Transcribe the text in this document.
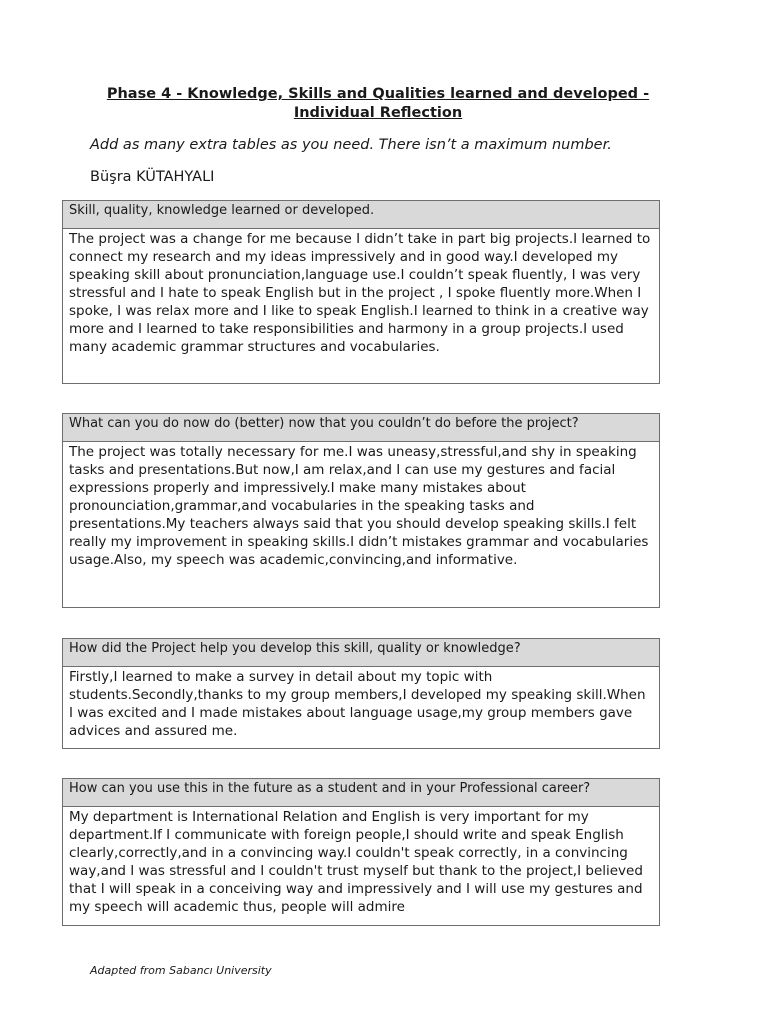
Phase 4 - Knowledge, Skills and Qualities learned and developed -
Individual Reflection
Add as many extra tables as you need. There isn’t a maximum number.
Büşra KÜTAHYALI
Skill, quality, knowledge learned or developed.
The project was a change for me because I didn’t take in part big projects.I learned to connect my research and my ideas impressively and in good way.I developed my speaking skill about pronunciation,language use.I couldn’t speak fluently, I was very stressful and I hate to speak English but in the project , I spoke fluently more.When I spoke, I was relax more and I like to speak English.I learned to think in a creative way more and I learned to take responsibilities and harmony in a group projects.I used many academic grammar structures and vocabularies.
What can you do now do (better) now that you couldn’t do before the project?
The project was totally necessary for me.I was uneasy,stressful,and shy in speaking tasks and presentations.But now,I am relax,and I can use my gestures and facial expressions properly and impressively.I make many mistakes about pronounciation,grammar,and vocabularies in the speaking tasks and presentations.My teachers always said that you should develop speaking skills.I felt really my improvement in speaking skills.I didn’t mistakes grammar and vocabularies usage.Also, my speech was academic,convincing,and informative.
How did the Project help you develop this skill, quality or knowledge?
Firstly,I learned to make a survey in detail about my topic with students.Secondly,thanks to my group members,I developed my speaking skill.When I was excited and I made mistakes about language usage,my group members gave advices and assured me.
How can you use this in the future as a student and in your Professional career?
My department is International Relation and English is very important for my department.If I communicate with foreign people,I should write and speak English clearly,correctly,and in a convincing way.I couldn't speak correctly, in a convincing way,and I was stressful and I couldn't trust myself but thank to the project,I believed that I will speak in a conceiving way and impressively and I will use my gestures and my speech will academic thus, people will admire
Adapted from Sabancı University
